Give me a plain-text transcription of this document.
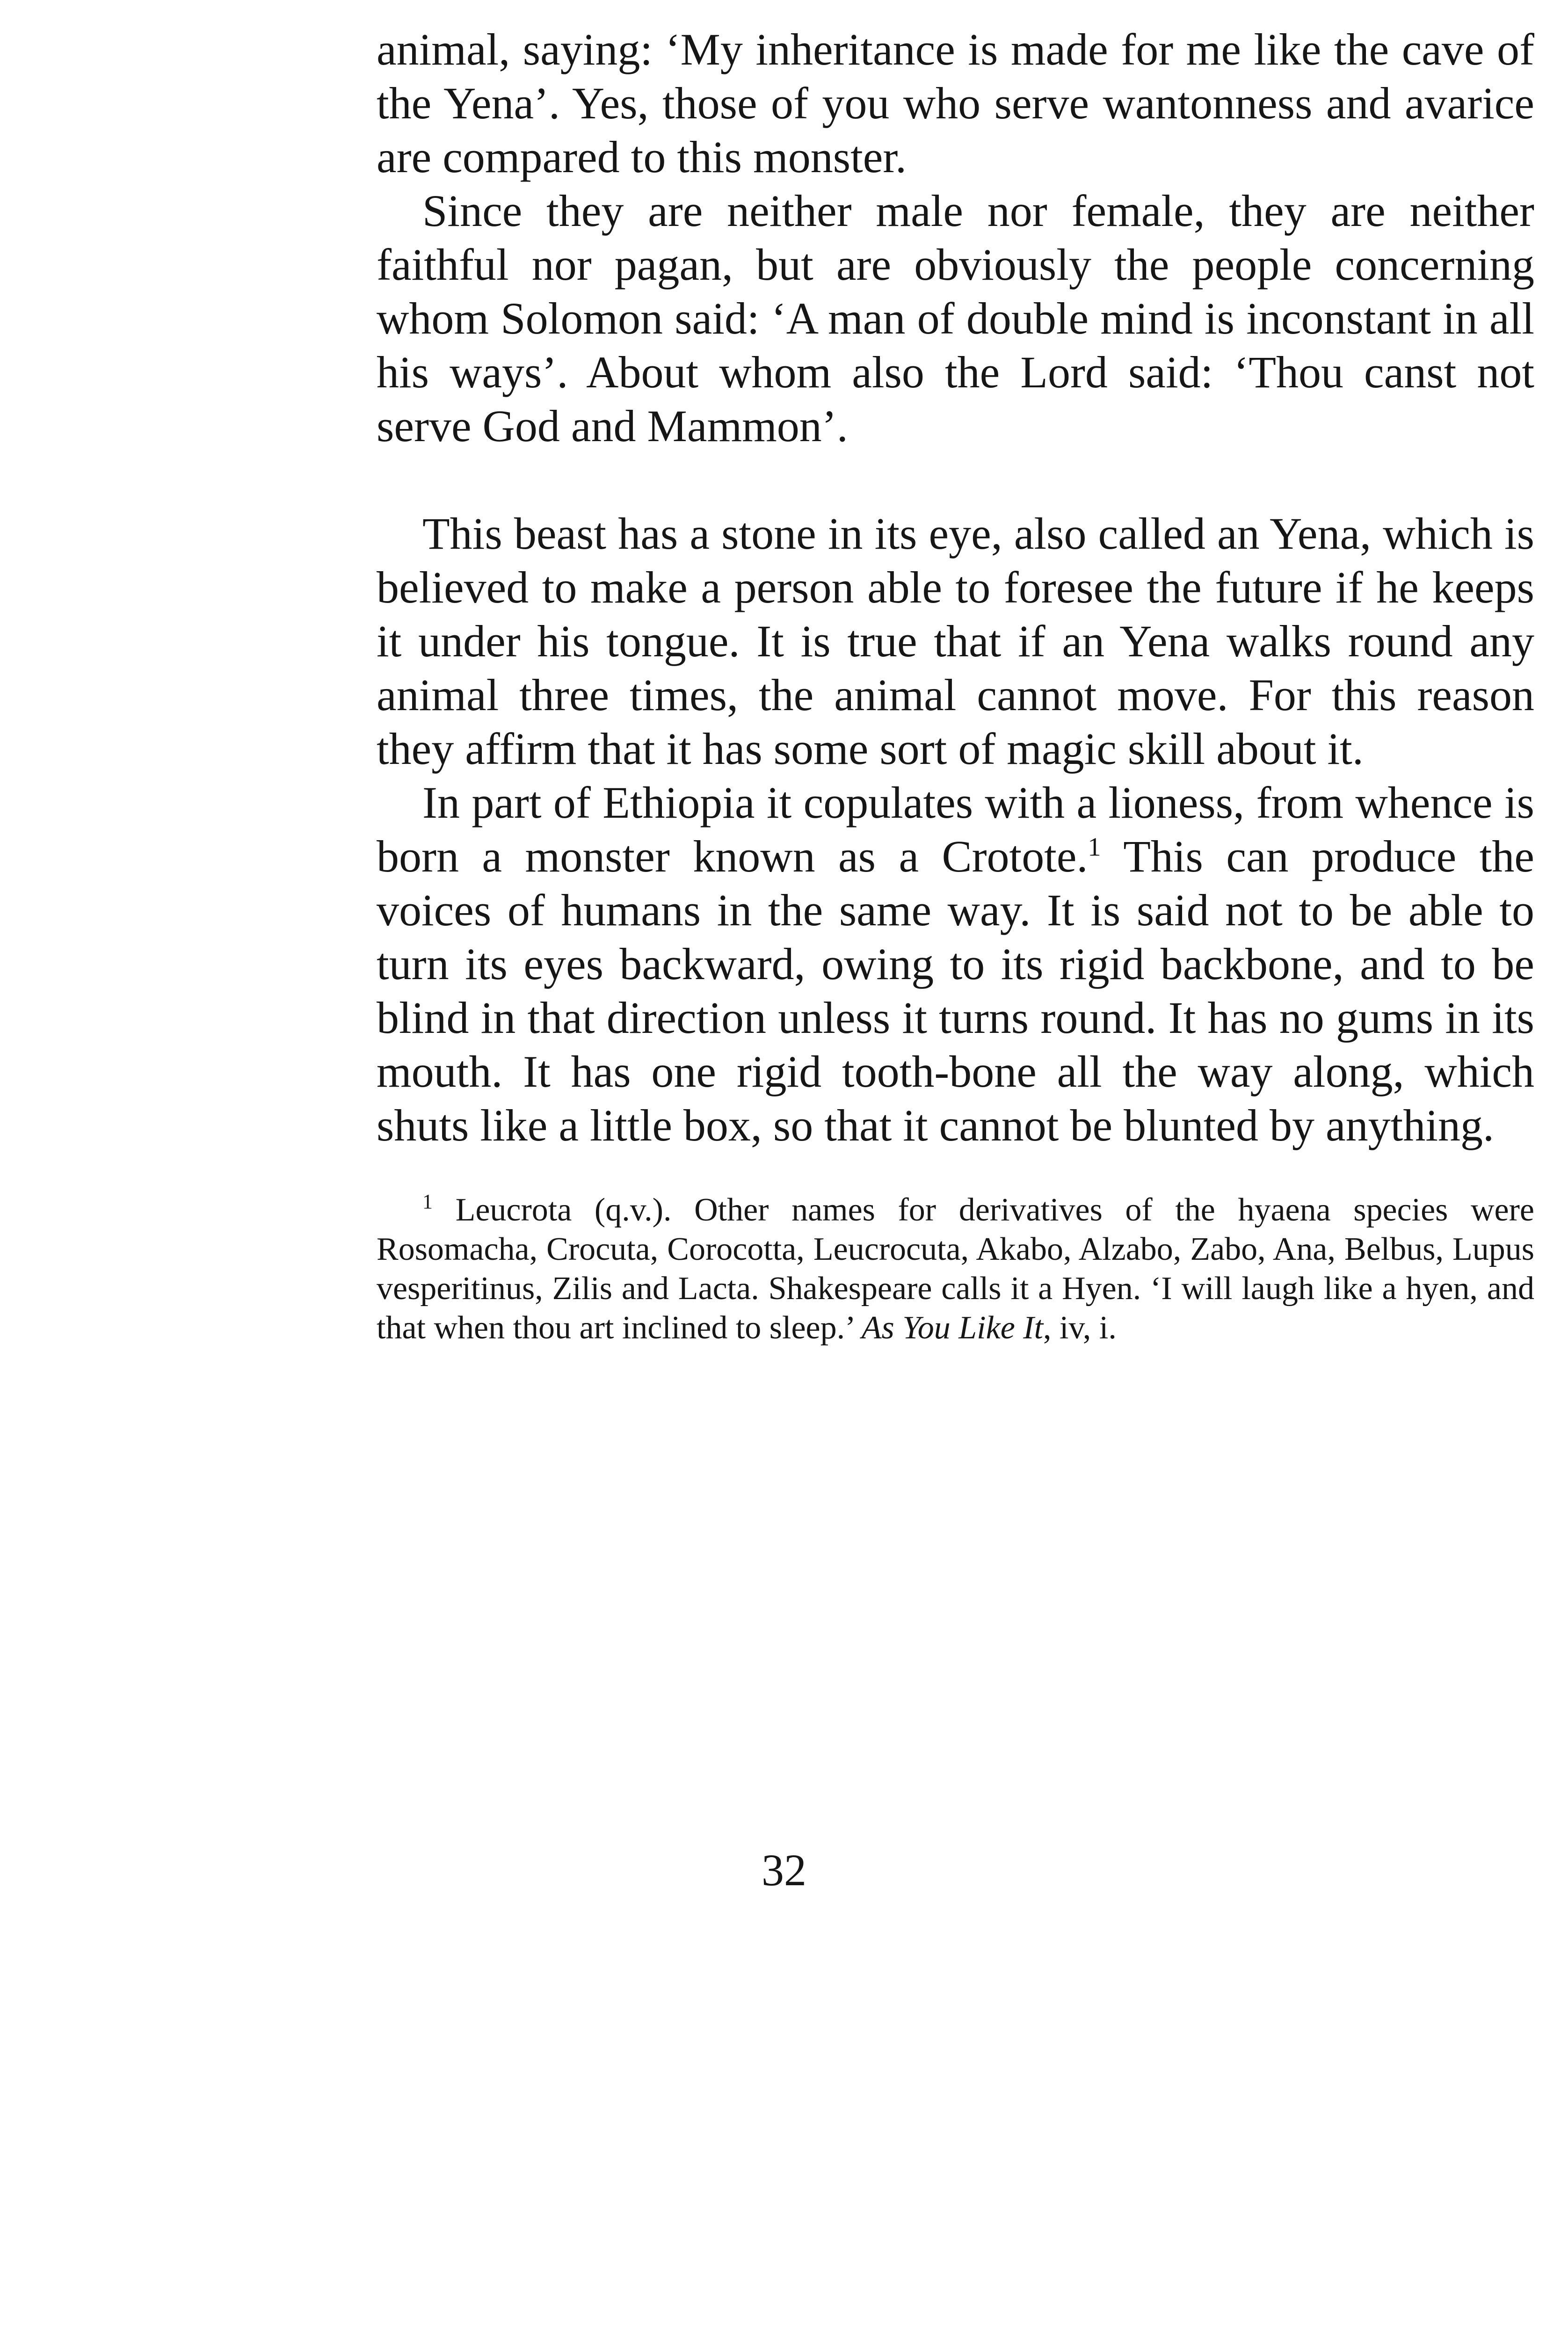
animal, saying: ‘My inheritance is made for me like the cave of the Yena’. Yes, those of you who serve wantonness and avarice are compared to this monster.

Since they are neither male nor female, they are neither faithful nor pagan, but are obviously the people concerning whom Solomon said: ‘A man of double mind is inconstant in all his ways’. About whom also the Lord said: ‘Thou canst not serve God and Mammon’.

This beast has a stone in its eye, also called an Yena, which is believed to make a person able to foresee the future if he keeps it under his tongue. It is true that if an Yena walks round any animal three times, the animal cannot move. For this reason they affirm that it has some sort of magic skill about it.

In part of Ethiopia it copulates with a lioness, from whence is born a monster known as a Crotote.$^1$ This can produce the voices of humans in the same way. It is said not to be able to turn its eyes backward, owing to its rigid backbone, and to be blind in that direction unless it turns round. It has no gums in its mouth. It has one rigid tooth-bone all the way along, which shuts like a little box, so that it cannot be blunted by anything.

$^1$ Leucrota (q.v.). Other names for derivatives of the hyaena species were Rosomacha, Crocuta, Corocotta, Leucrocuta, Akabo, Alzabo, Zabo, Ana, Belbus, Lupus vesperitinus, Zilis and Lacta. Shakespeare calls it a Hyen. ‘I will laugh like a hyen, and that when thou art inclined to sleep.’ As You Like It, iv, i.

32
